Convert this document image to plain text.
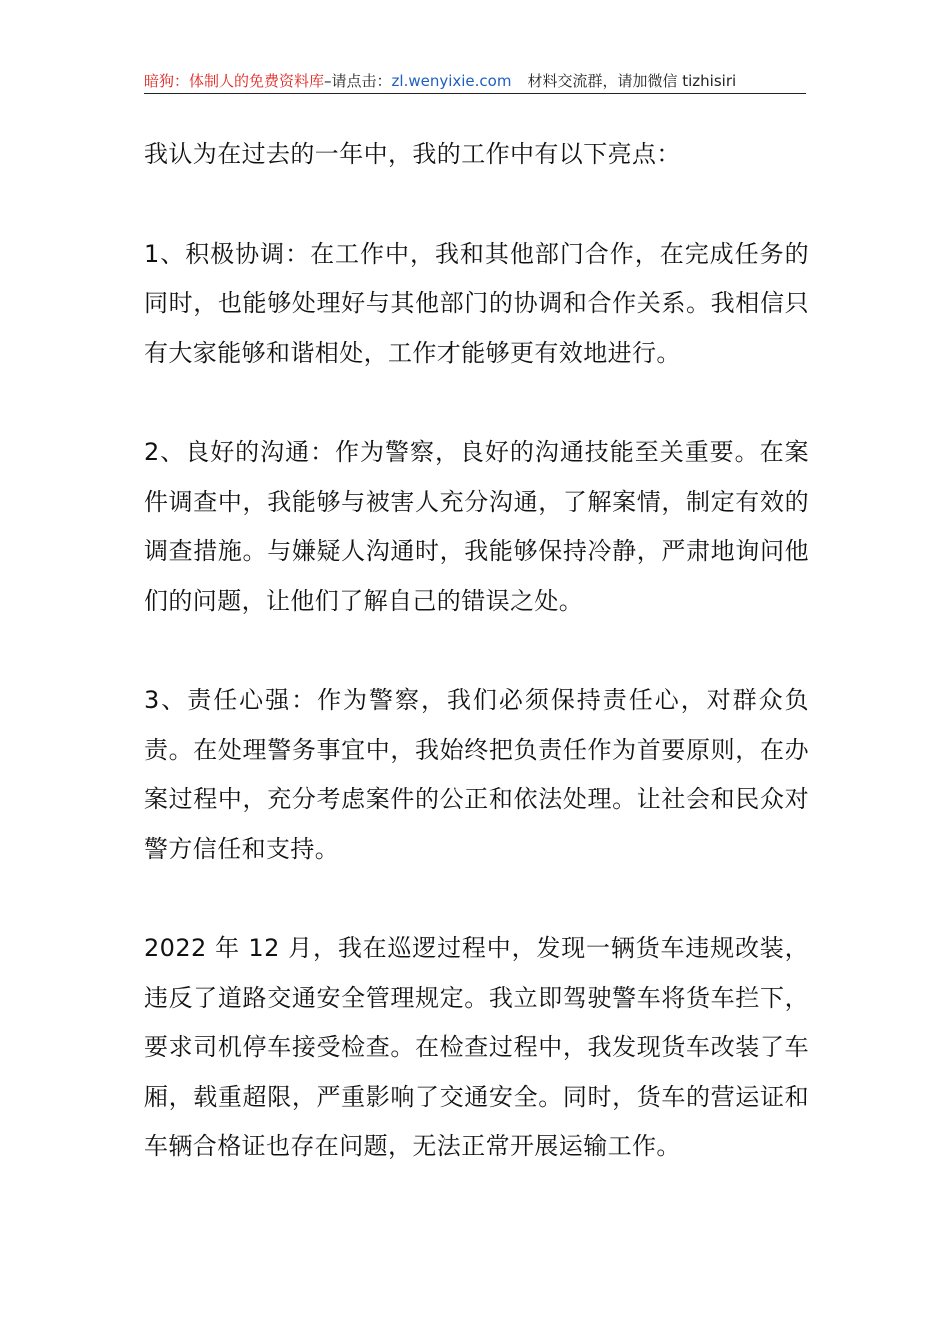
暗狗：体制人的免费资料库–请点击：zl.wenyixie.com 材料交流群，请加微信 tizhisiri

我认为在过去的一年中，我的工作中有以下亮点：

1、积极协调：在工作中，我和其他部门合作，在完成任务的同时，也能够处理好与其他部门的协调和合作关系。我相信只有大家能够和谐相处，工作才能够更有效地进行。

2、良好的沟通：作为警察，良好的沟通技能至关重要。在案件调查中，我能够与被害人充分沟通，了解案情，制定有效的调查措施。与嫌疑人沟通时，我能够保持冷静，严肃地询问他们的问题，让他们了解自己的错误之处。

3、责任心强：作为警察，我们必须保持责任心，对群众负责。在处理警务事宜中，我始终把负责任作为首要原则，在办案过程中，充分考虑案件的公正和依法处理。让社会和民众对警方信任和支持。

2022 年 12 月，我在巡逻过程中，发现一辆货车违规改装，违反了道路交通安全管理规定。我立即驾驶警车将货车拦下，要求司机停车接受检查。在检查过程中，我发现货车改装了车厢，载重超限，严重影响了交通安全。同时，货车的营运证和车辆合格证也存在问题，无法正常开展运输工作。
